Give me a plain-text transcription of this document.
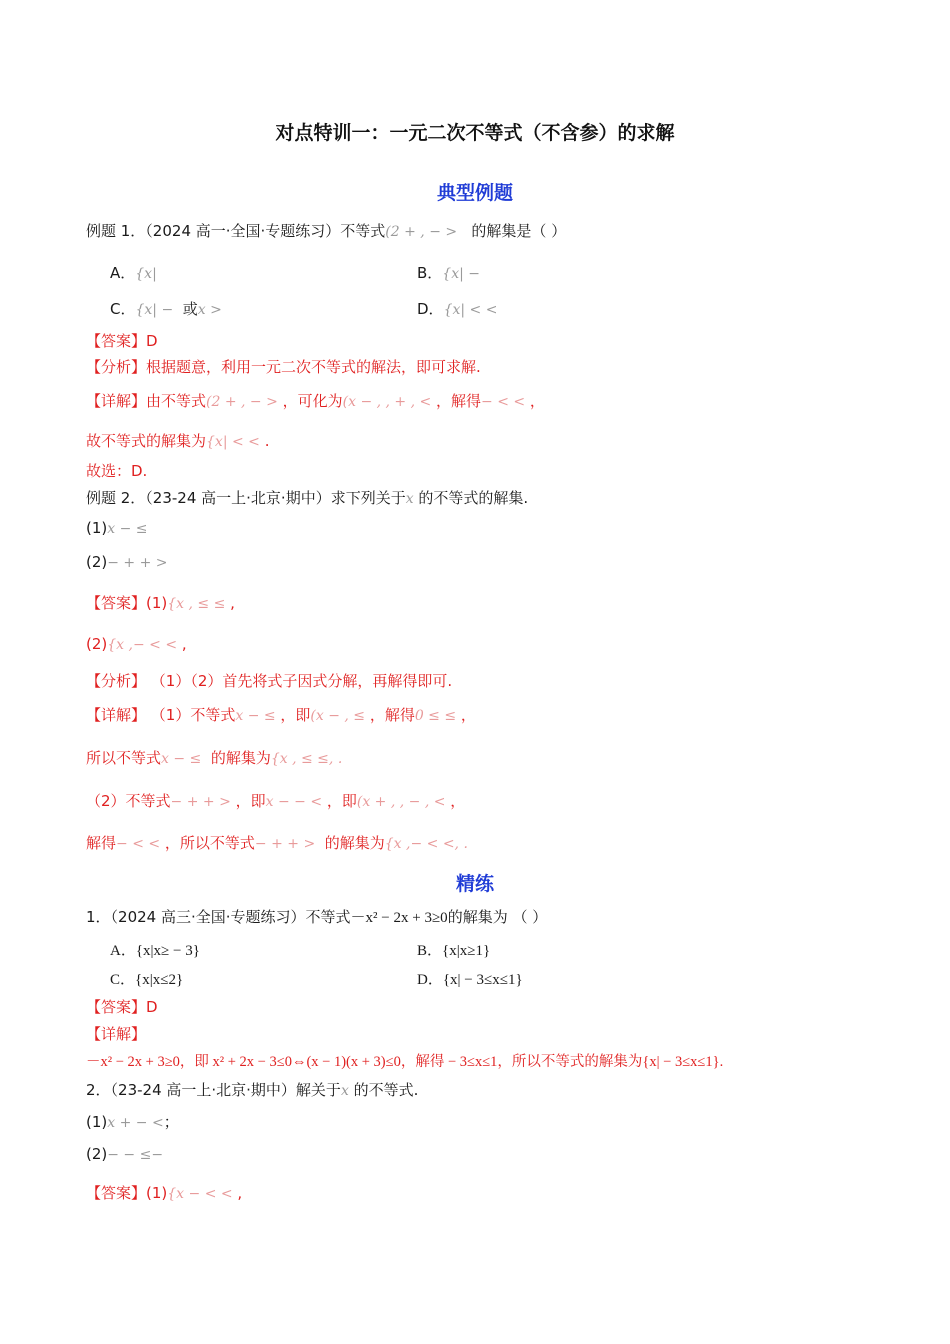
对点特训一：一元二次不等式（不含参）的求解
典型例题
例题 1．（2024 高一·全国·专题练习）不等式(2 + , − > 的解集是（ ）
A．{x|	B．{x| −
C．{x| − 或x >	D．{x| < <
【答案】D
【分析】根据题意，利用一元二次不等式的解法，即可求解.
【详解】由不等式(2 + , − > ，可化为(x − , , + , < ，解得− < < ，
故不等式的解集为{x| < < .
故选：D.
例题 2．（23-24 高一上·北京·期中）求下列关于x 的不等式的解集.
(1)x − ≤
(2)− + + >
【答案】(1){x , ≤ ≤ ,
(2){x ,− < < ,
【分析】 （1）（2）首先将式子因式分解，再解得即可.
【详解】 （1）不等式x − ≤ ，即(x − , ≤ ，解得0 ≤ ≤ ，
所以不等式x − ≤ 的解集为{x , ≤ ≤, .
（2）不等式− + + > ，即x − − < ，即(x + , , − , < ，
解得− < < ，所以不等式− + + > 的解集为{x ,− < <, .
精练
1．（2024 高三·全国·专题练习）不等式－x² − 2x + 3≥0的解集为 （ ）
A．{x|x≥ − 3}	B．{x|x≥1}
C．{x|x≤2}	D．{x| − 3≤x≤1}
【答案】D
【详解】
－x² − 2x + 3≥0，即 x² + 2x − 3≤0⇔(x − 1)(x + 3)≤0，解得 − 3≤x≤1，所以不等式的解集为{x| − 3≤x≤1}.
2．（23-24 高一上·北京·期中）解关于x 的不等式.
(1)x + − <；
(2)− − ≤−
【答案】(1){x − < < ,
